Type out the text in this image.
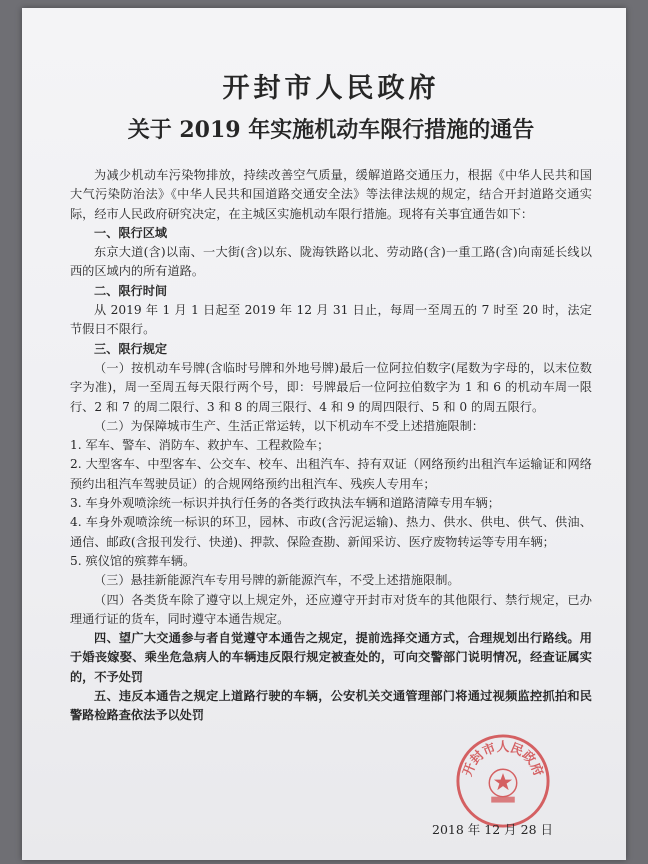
开封市人民政府
关于 2019 年实施机动车限行措施的通告

为减少机动车污染物排放，持续改善空气质量，缓解道路交通压力，根据《中华人民共和国大气污染防治法》《中华人民共和国道路交通安全法》等法律法规的规定，结合开封道路交通实际，经市人民政府研究决定，在主城区实施机动车限行措施。现将有关事宜通告如下：

一、限行区域

东京大道(含)以南、一大街(含)以东、陇海铁路以北、劳动路(含)一重工路(含)向南延长线以西的区域内的所有道路。

二、限行时间

从 2019 年 1 月 1 日起至 2019 年 12 月 31 日止，每周一至周五的 7 时至 20 时，法定节假日不限行。

三、限行规定

（一）按机动车号牌(含临时号牌和外地号牌)最后一位阿拉伯数字(尾数为字母的，以末位数字为准)，周一至周五每天限行两个号，即：号牌最后一位阿拉伯数字为 1 和 6 的机动车周一限行、2 和 7 的周二限行、3 和 8 的周三限行、4 和 9 的周四限行、5 和 0 的周五限行。

（二）为保障城市生产、生活正常运转，以下机动车不受上述措施限制：

1. 军车、警车、消防车、救护车、工程救险车；

2. 大型客车、中型客车、公交车、校车、出租汽车、持有双证（网络预约出租汽车运输证和网络预约出租汽车驾驶员证）的合规网络预约出租汽车、残疾人专用车；

3. 车身外观喷涂统一标识并执行任务的各类行政执法车辆和道路清障专用车辆；

4. 车身外观喷涂统一标识的环卫，园林、市政(含污泥运输)、热力、供水、供电、供气、供油、通信、邮政(含报刊发行、快递)、押款、保险查勘、新闻采访、医疗废物转运等专用车辆；

5. 殡仪馆的殡葬车辆。

（三）悬挂新能源汽车专用号牌的新能源汽车，不受上述措施限制。

（四）各类货车除了遵守以上规定外，还应遵守开封市对货车的其他限行、禁行规定，已办理通行证的货车，同时遵守本通告规定。

四、望广大交通参与者自觉遵守本通告之规定，提前选择交通方式，合理规划出行路线。用于婚丧嫁娶、乘坐危急病人的车辆违反限行规定被查处的，可向交警部门说明情况，经查证属实的，不予处罚

五、违反本通告之规定上道路行驶的车辆，公安机关交通管理部门将通过视频监控抓拍和民警路检路查依法予以处罚

开封市人民政府
2018 年 12 月 28 日
